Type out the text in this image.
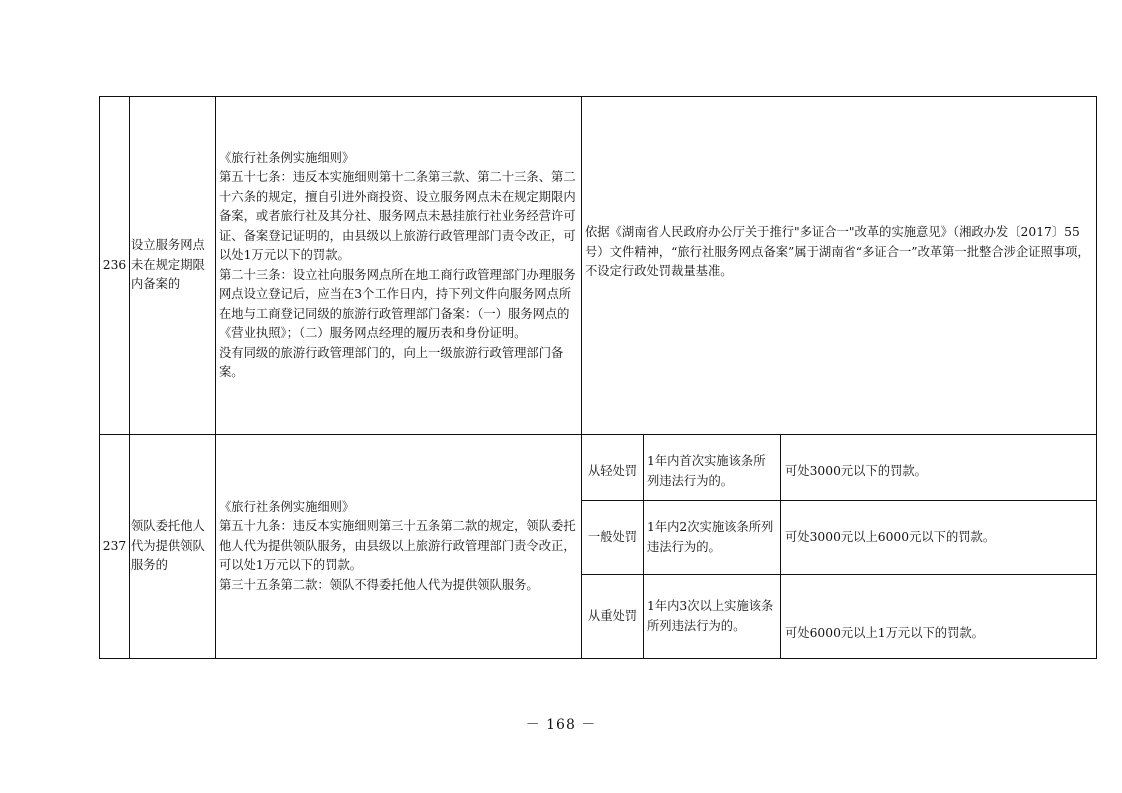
236	设立服务网点未在规定期限内备案的	《旅行社条例实施细则》
第五十七条：违反本实施细则第十二条第三款、第二十三条、第二十六条的规定，擅自引进外商投资、设立服务网点未在规定期限内备案，或者旅行社及其分社、服务网点未悬挂旅行社业务经营许可证、备案登记证明的，由县级以上旅游行政管理部门责令改正，可以处1万元以下的罚款。
第二十三条：设立社向服务网点所在地工商行政管理部门办理服务网点设立登记后，应当在3个工作日内，持下列文件向服务网点所在地与工商登记同级的旅游行政管理部门备案：（一）服务网点的《营业执照》；（二）服务网点经理的履历表和身份证明。
没有同级的旅游行政管理部门的，向上一级旅游行政管理部门备案。	依据《湖南省人民政府办公厅关于推行"多证合一"改革的实施意见》（湘政办发〔2017〕55号）文件精神，“旅行社服务网点备案”属于湖南省“多证合一”改革第一批整合涉企证照事项，不设定行政处罚裁量基准。		

237	领队委托他人代为提供领队服务的	《旅行社条例实施细则》
第五十九条：违反本实施细则第三十五条第二款的规定，领队委托他人代为提供领队服务，由县级以上旅游行政管理部门责令改正，可以处1万元以下的罚款。
第三十五条第二款：领队不得委托他人代为提供领队服务。	从轻处罚	1年内首次实施该条所列违法行为的。	可处3000元以下的罚款。
			一般处罚	1年内2次实施该条所列违法行为的。	可处3000元以上6000元以下的罚款。
			从重处罚	1年内3次以上实施该条所列违法行为的。	可处6000元以上1万元以下的罚款。
－ 168 －
